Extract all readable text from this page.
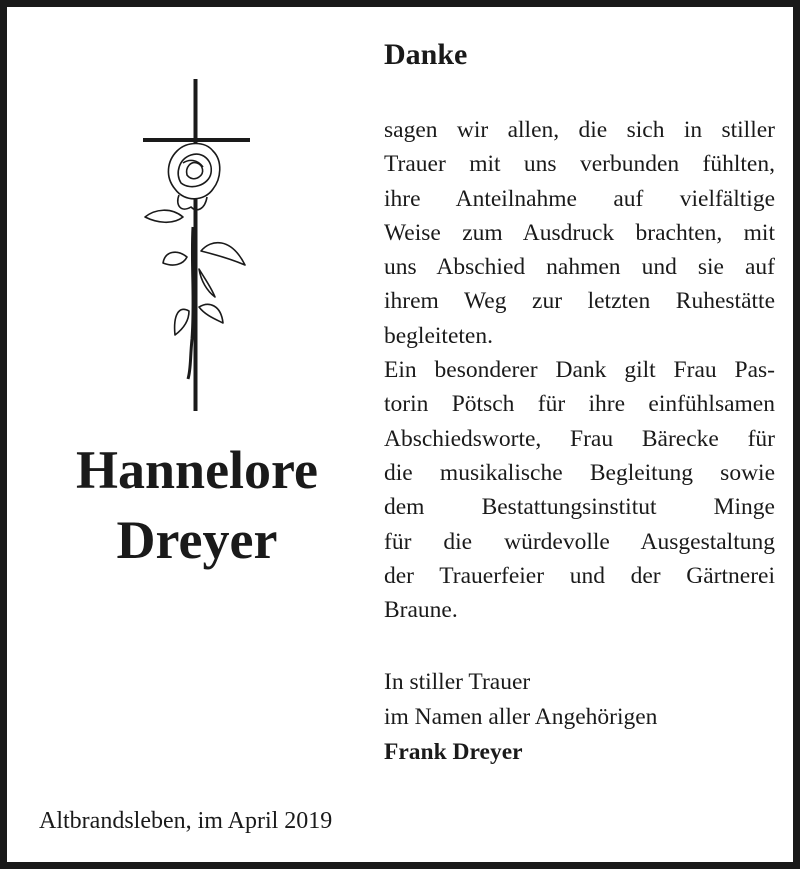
Danke
sagen wir allen, die sich in stiller
Trauer mit uns verbunden fühlten,
ihre Anteilnahme auf vielfältige
Weise zum Ausdruck brachten, mit
uns Abschied nahmen und sie auf
ihrem Weg zur letzten Ruhestätte
begleiteten.
Ein besonderer Dank gilt Frau Pas-
torin Pötsch für ihre einfühlsamen
Abschiedsworte, Frau Bärecke für
die musikalische Begleitung sowie
dem Bestattungsinstitut Minge
für die würdevolle Ausgestaltung
der Trauerfeier und der Gärtnerei
Braune.
In stiller Trauer
im Namen aller Angehörigen
Frank Dreyer
Hannelore
Dreyer
Altbrandsleben, im April 2019
